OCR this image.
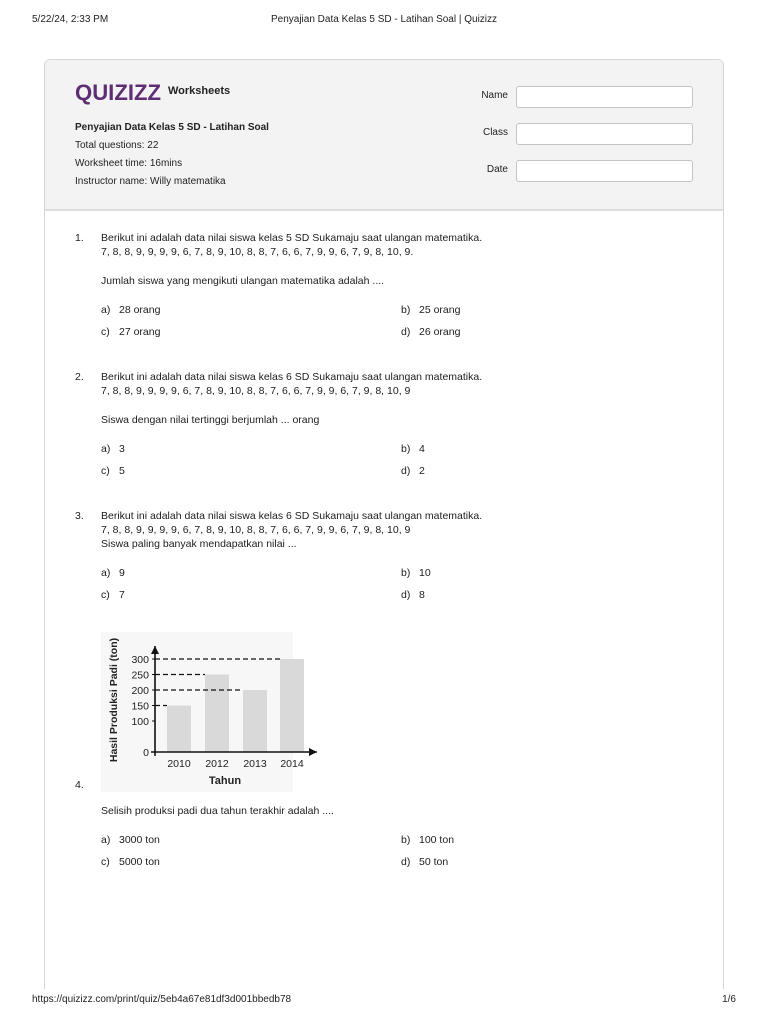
5/22/24, 2:33 PM	Penyajian Data Kelas 5 SD - Latihan Soal | Quizizz
QUIZIZZ Worksheets
Penyajian Data Kelas 5 SD - Latihan Soal
Total questions: 22
Worksheet time: 16mins
Instructor name: Willy matematika
Name
Class
Date
1. Berikut ini adalah data nilai siswa kelas 5 SD Sukamaju saat ulangan matematika.
7, 8, 8, 9, 9, 9, 9, 6, 7, 8, 9, 10, 8, 8, 7, 6, 6, 7, 9, 9, 6, 7, 9, 8, 10, 9.
Jumlah siswa yang mengikuti ulangan matematika adalah ....
a) 28 orang	b) 25 orang
c) 27 orang	d) 26 orang
2. Berikut ini adalah data nilai siswa kelas 6 SD Sukamaju saat ulangan matematika.
7, 8, 8, 9, 9, 9, 9, 6, 7, 8, 9, 10, 8, 8, 7, 6, 6, 7, 9, 9, 6, 7, 9, 8, 10, 9
Siswa dengan nilai tertinggi berjumlah ... orang
a) 3	b) 4
c) 5	d) 2
3. Berikut ini adalah data nilai siswa kelas 6 SD Sukamaju saat ulangan matematika.
7, 8, 8, 9, 9, 9, 9, 6, 7, 8, 9, 10, 8, 8, 7, 6, 6, 7, 9, 9, 6, 7, 9, 8, 10, 9
Siswa paling banyak mendapatkan nilai ...
a) 9	b) 10
c) 7	d) 8
Hasil Produksi Padi (ton)
Tahun
100
150
200
250
300
0
2010 2012 2013 2014
4.
Selisih produksi padi dua tahun terakhir adalah ....
a) 3000 ton	b) 100 ton
c) 5000 ton	d) 50 ton
https://quizizz.com/print/quiz/5eb4a67e81df3d001bbedb78	1/6
